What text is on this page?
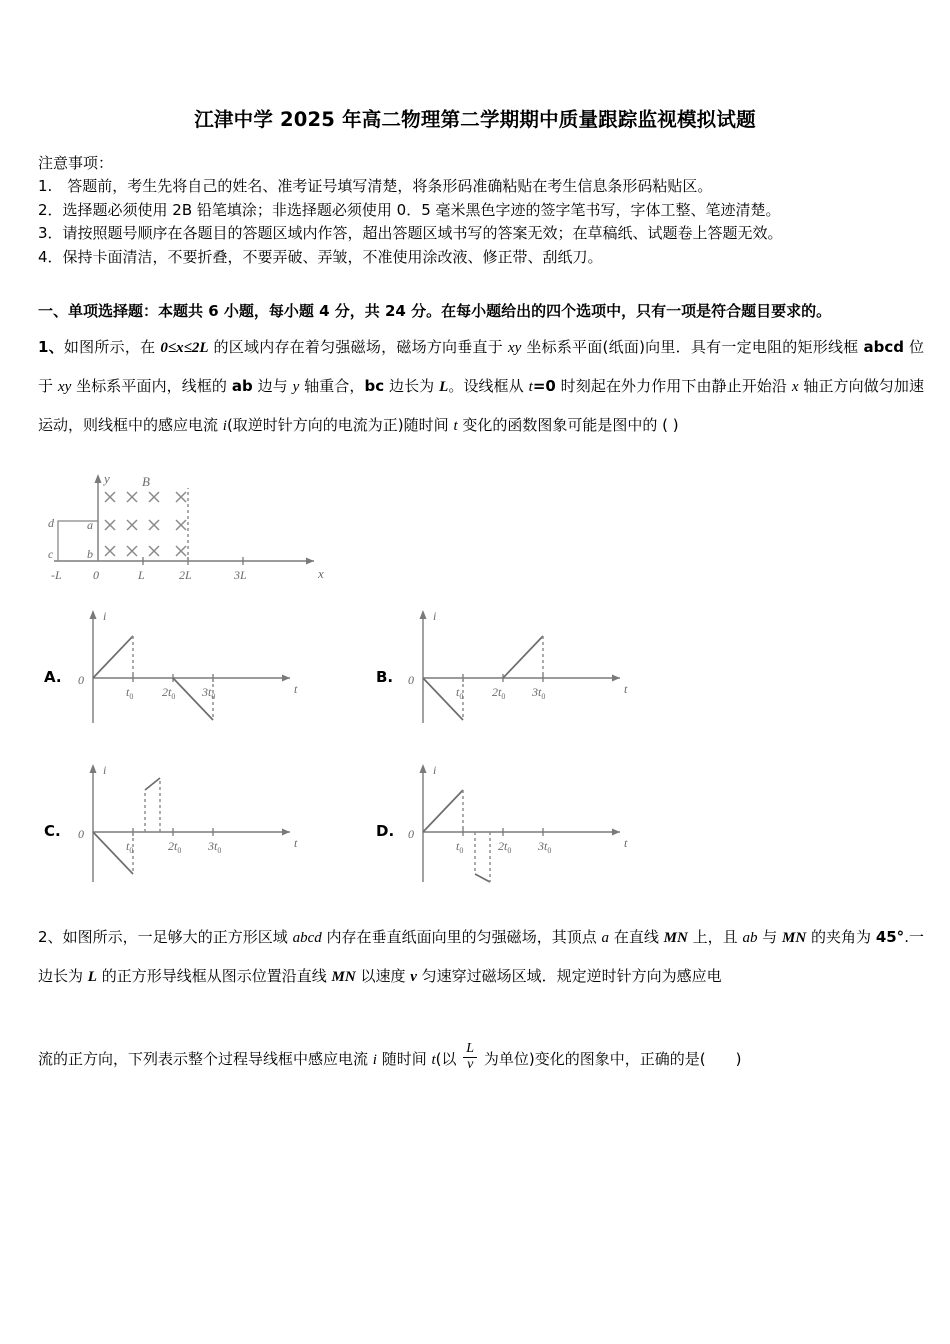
江津中学 2025 年高二物理第二学期期中质量跟踪监视模拟试题
注意事项：
1.　答题前，考生先将自己的姓名、准考证号填写清楚，将条形码准确粘贴在考生信息条形码粘贴区。
2．选择题必须使用 2B 铅笔填涂；非选择题必须使用 0．5 毫米黑色字迹的签字笔书写，字体工整、笔迹清楚。
3．请按照题号顺序在各题目的答题区域内作答，超出答题区域书写的答案无效；在草稿纸、试题卷上答题无效。
4．保持卡面清洁，不要折叠，不要弄破、弄皱，不准使用涂改液、修正带、刮纸刀。
一、单项选择题：本题共 6 小题，每小题 4 分，共 24 分。在每小题给出的四个选项中，只有一项是符合题目要求的。
1、如图所示，在 0≤x≤2L 的区域内存在着匀强磁场，磁场方向垂直于 xy 坐标系平面(纸面)向里．具有一定电阻的矩形线框 abcd 位于 xy 坐标系平面内，线框的 ab 边与 y 轴重合，bc 边长为 L。设线框从 t=0 时刻起在外力作用下由静止开始沿 x 轴正方向做匀加速运动，则线框中的感应电流 i(取逆时针方向的电流为正)随时间 t 变化的函数图象可能是图中的 ( )
y
x
B
a
b
c
d
-L	0	L	2L	3L
A.
i
t
0
$t_0$ $2t_0$ $3t_0$
B.
i
t
0
$t_0$ $2t_0$ $3t_0$
C.
i
t
0
$t_0$	$2t_0$ $3t_0$
D.
i
t
0
$t_0$	$2t_0$ $3t_0$
2、如图所示，一足够大的正方形区域 abcd 内存在垂直纸面向里的匀强磁场，其顶点 a 在直线 MN 上，且 ab 与 MN 的夹角为 45°.一边长为 L 的正方形导线框从图示位置沿直线 MN 以速度 v 匀速穿过磁场区域．规定逆时针方向为感应电
流的正方向，下列表示整个过程导线框中感应电流 i 随时间 t(以 $\frac{L}{v}$ 为单位)变化的图象中，正确的是(　　)
